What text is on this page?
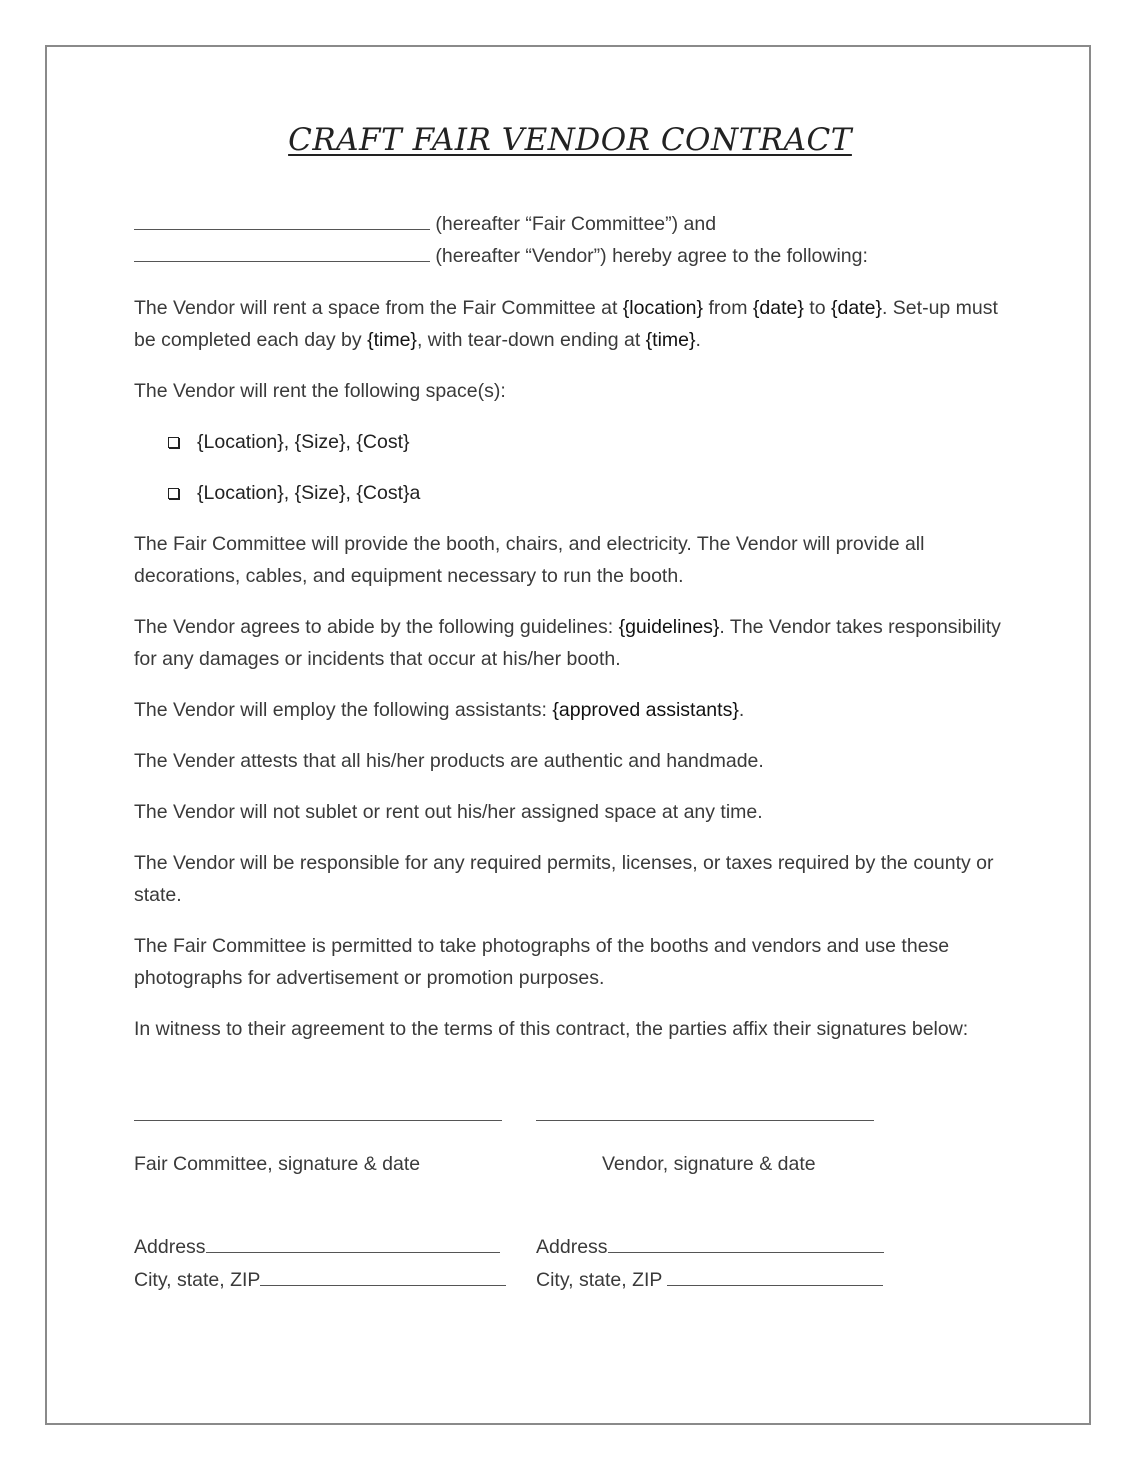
CRAFT FAIR VENDOR CONTRACT
(hereafter “Fair Committee”) and
(hereafter “Vendor”) hereby agree to the following:
The Vendor will rent a space from the Fair Committee at {location} from {date} to {date}. Set-up must be completed each day by {time}, with tear-down ending at {time}.
The Vendor will rent the following space(s):
{Location}, {Size}, {Cost}
{Location}, {Size}, {Cost}a
The Fair Committee will provide the booth, chairs, and electricity. The Vendor will provide all decorations, cables, and equipment necessary to run the booth.
The Vendor agrees to abide by the following guidelines: {guidelines}. The Vendor takes responsibility for any damages or incidents that occur at his/her booth.
The Vendor will employ the following assistants: {approved assistants}.
The Vender attests that all his/her products are authentic and handmade.
The Vendor will not sublet or rent out his/her assigned space at any time.
The Vendor will be responsible for any required permits, licenses, or taxes required by the county or state.
The Fair Committee is permitted to take photographs of the booths and vendors and use these photographs for advertisement or promotion purposes.
In witness to their agreement to the terms of this contract, the parties affix their signatures below:
Fair Committee, signature & date	Vendor, signature & date
Address
City, state, ZIP
Address
City, state, ZIP
